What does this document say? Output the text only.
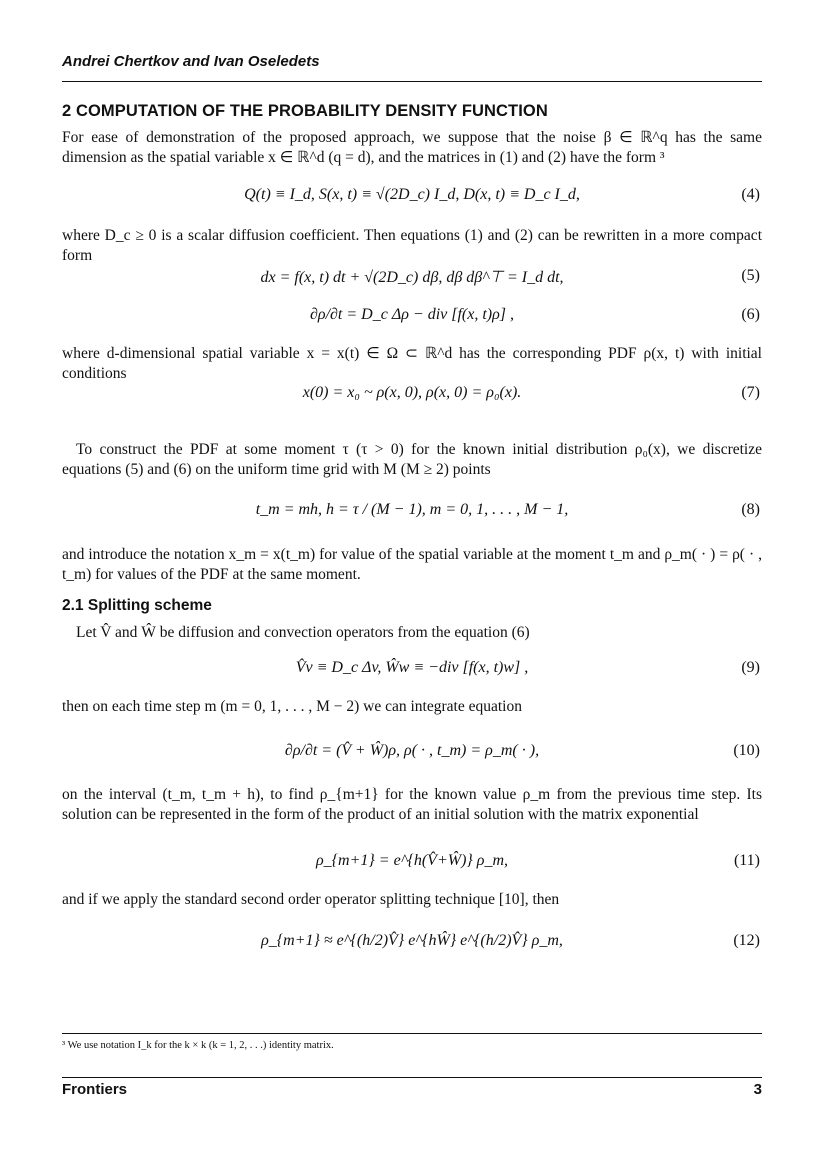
Andrei Chertkov and Ivan Oseledets
2 COMPUTATION OF THE PROBABILITY DENSITY FUNCTION
For ease of demonstration of the proposed approach, we suppose that the noise β ∈ ℝ^q has the same dimension as the spatial variable x ∈ ℝ^d (q = d), and the matrices in (1) and (2) have the form ³
Q(t) ≡ I_d, S(x, t) ≡ √(2D_c) I_d, D(x, t) ≡ D_c I_d,	(4)
where D_c ≥ 0 is a scalar diffusion coefficient. Then equations (1) and (2) can be rewritten in a more compact form
dx = f(x, t) dt + √(2D_c) dβ, dβ dβ^⊤ = I_d dt,	(5)
∂ρ/∂t = D_c Δρ − div [f(x, t)ρ] ,	(6)
where d-dimensional spatial variable x = x(t) ∈ Ω ⊂ ℝ^d has the corresponding PDF ρ(x, t) with initial conditions
x(0) = x₀ ~ ρ(x, 0), ρ(x, 0) = ρ₀(x).	(7)
To construct the PDF at some moment τ (τ > 0) for the known initial distribution ρ₀(x), we discretize equations (5) and (6) on the uniform time grid with M (M ≥ 2) points
t_m = mh, h = τ / (M − 1), m = 0, 1, . . . , M − 1,	(8)
and introduce the notation x_m = x(t_m) for value of the spatial variable at the moment t_m and ρ_m( · ) = ρ( · , t_m) for values of the PDF at the same moment.
2.1 Splitting scheme
Let V̂ and Ŵ be diffusion and convection operators from the equation (6)
V̂v ≡ D_c Δv, Ŵw ≡ −div [f(x, t)w] ,	(9)
then on each time step m (m = 0, 1, . . . , M − 2) we can integrate equation
∂ρ/∂t = (V̂ + Ŵ)ρ, ρ( · , t_m) = ρ_m( · ),	(10)
on the interval (t_m, t_m + h), to find ρ_{m+1} for the known value ρ_m from the previous time step. Its solution can be represented in the form of the product of an initial solution with the matrix exponential
ρ_{m+1} = e^{h(V̂+Ŵ)} ρ_m,	(11)
and if we apply the standard second order operator splitting technique [10], then
ρ_{m+1} ≈ e^{(h/2)V̂} e^{hŴ} e^{(h/2)V̂} ρ_m,	(12)
³ We use notation I_k for the k × k (k = 1, 2, . . .) identity matrix.
Frontiers	3
